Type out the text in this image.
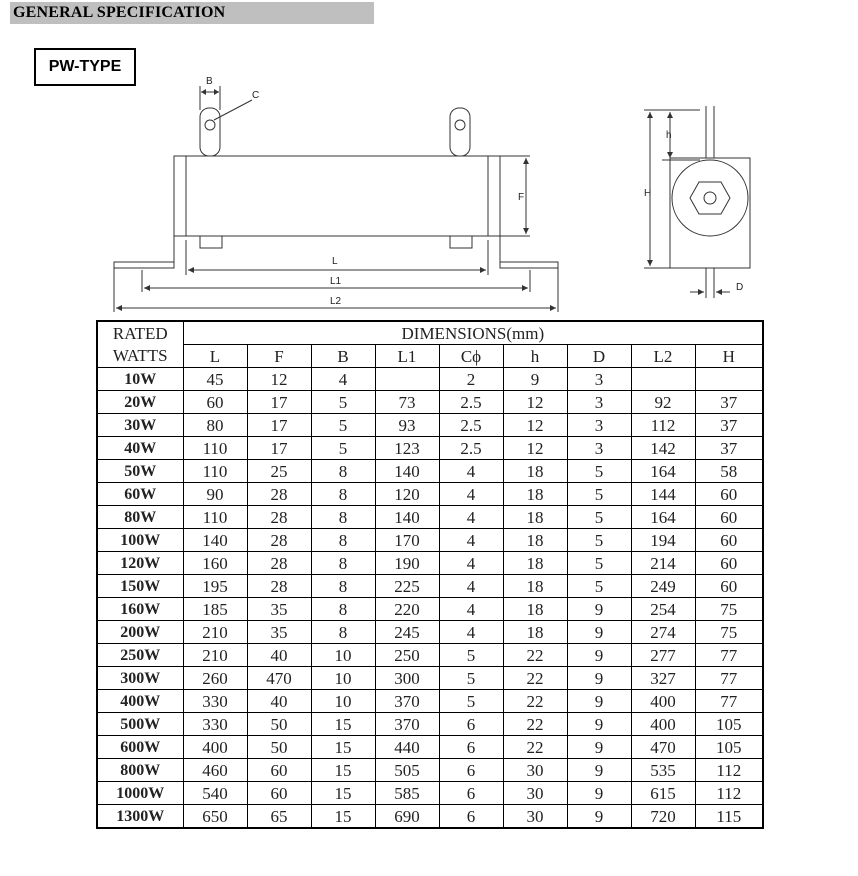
GENERAL SPECIFICATION
PW-TYPE
B
C
F
L
L1
L2
h
H
D
RATED	DIMENSIONS(mm)								
WATTS	L	F	B	L1	Cϕ	h	D	L2	H
10W	45	12	4		2	9	3		
20W	60	17	5	73	2.5	12	3	92	37
30W	80	17	5	93	2.5	12	3	112	37
40W	110	17	5	123	2.5	12	3	142	37
50W	110	25	8	140	4	18	5	164	58
60W	90	28	8	120	4	18	5	144	60
80W	110	28	8	140	4	18	5	164	60
100W	140	28	8	170	4	18	5	194	60
120W	160	28	8	190	4	18	5	214	60
150W	195	28	8	225	4	18	5	249	60
160W	185	35	8	220	4	18	9	254	75
200W	210	35	8	245	4	18	9	274	75
250W	210	40	10	250	5	22	9	277	77
300W	260	470	10	300	5	22	9	327	77
400W	330	40	10	370	5	22	9	400	77
500W	330	50	15	370	6	22	9	400	105
600W	400	50	15	440	6	22	9	470	105
800W	460	60	15	505	6	30	9	535	112
1000W	540	60	15	585	6	30	9	615	112
1300W	650	65	15	690	6	30	9	720	115
